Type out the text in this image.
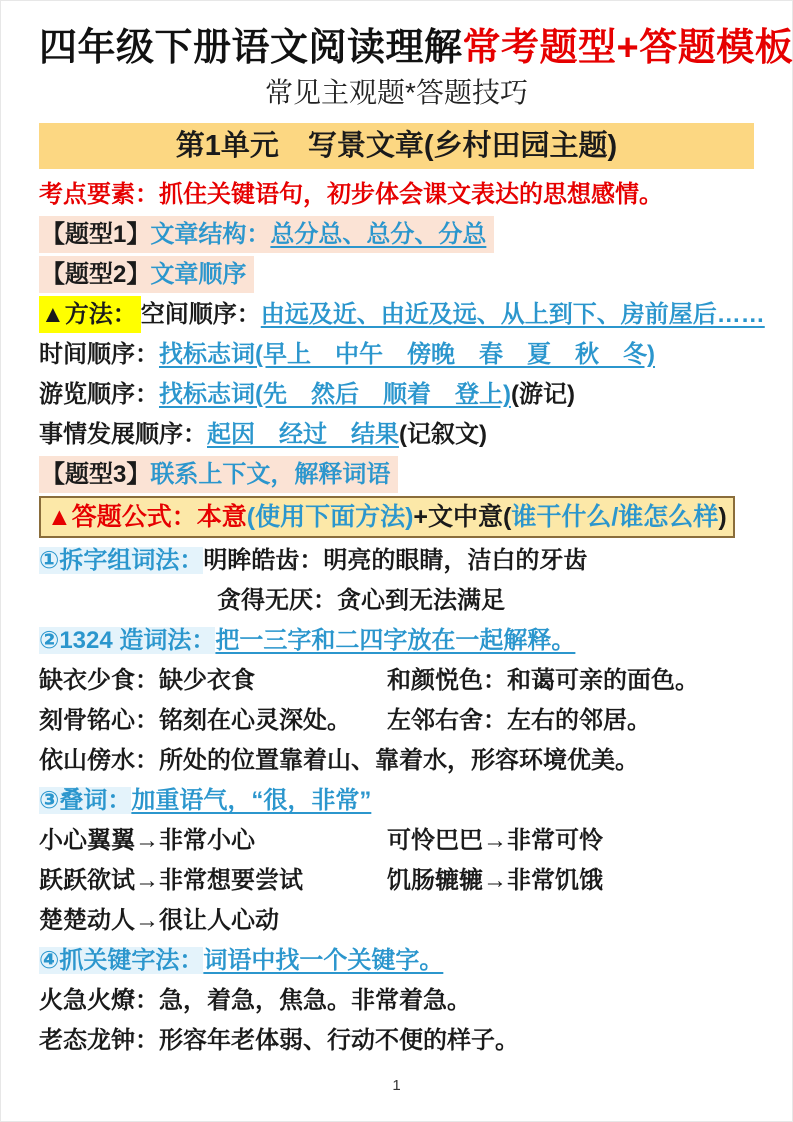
四年级下册语文阅读理解常考题型+答题模板
常见主观题*答题技巧
第1单元　写景文章(乡村田园主题)
考点要素：抓住关键语句，初步体会课文表达的思想感情。
【题型1】文章结构：总分总、总分、分总
【题型2】文章顺序
▲方法： 空间顺序：由远及近、由近及远、从上到下、房前屋后……
时间顺序：找标志词(早上　中午　傍晚　春　夏　秋　冬)
游览顺序：找标志词(先　然后　顺着　登上)(游记)
事情发展顺序：起因　经过　结果(记叙文)
【题型3】联系上下文，解释词语
▲答题公式：本意(使用下面方法)+文中意(谁干什么/谁怎么样)
①拆字组词法：明眸皓齿：明亮的眼睛，洁白的牙齿
贪得无厌：贪心到无法满足
②1324 造词法：把一三字和二四字放在一起解释。
缺衣少食：缺少衣食	和颜悦色：和蔼可亲的面色。
刻骨铭心：铭刻在心灵深处。	左邻右舍：左右的邻居。
依山傍水：所处的位置靠着山、靠着水，形容环境优美。
③叠词：加重语气，“很，非常”
小心翼翼→非常小心	可怜巴巴→非常可怜
跃跃欲试→非常想要尝试	饥肠辘辘→非常饥饿
楚楚动人→很让人心动
④抓关键字法：词语中找一个关键字。
火急火燎：急，着急，焦急。非常着急。
老态龙钟：形容年老体弱、行动不便的样子。
1
